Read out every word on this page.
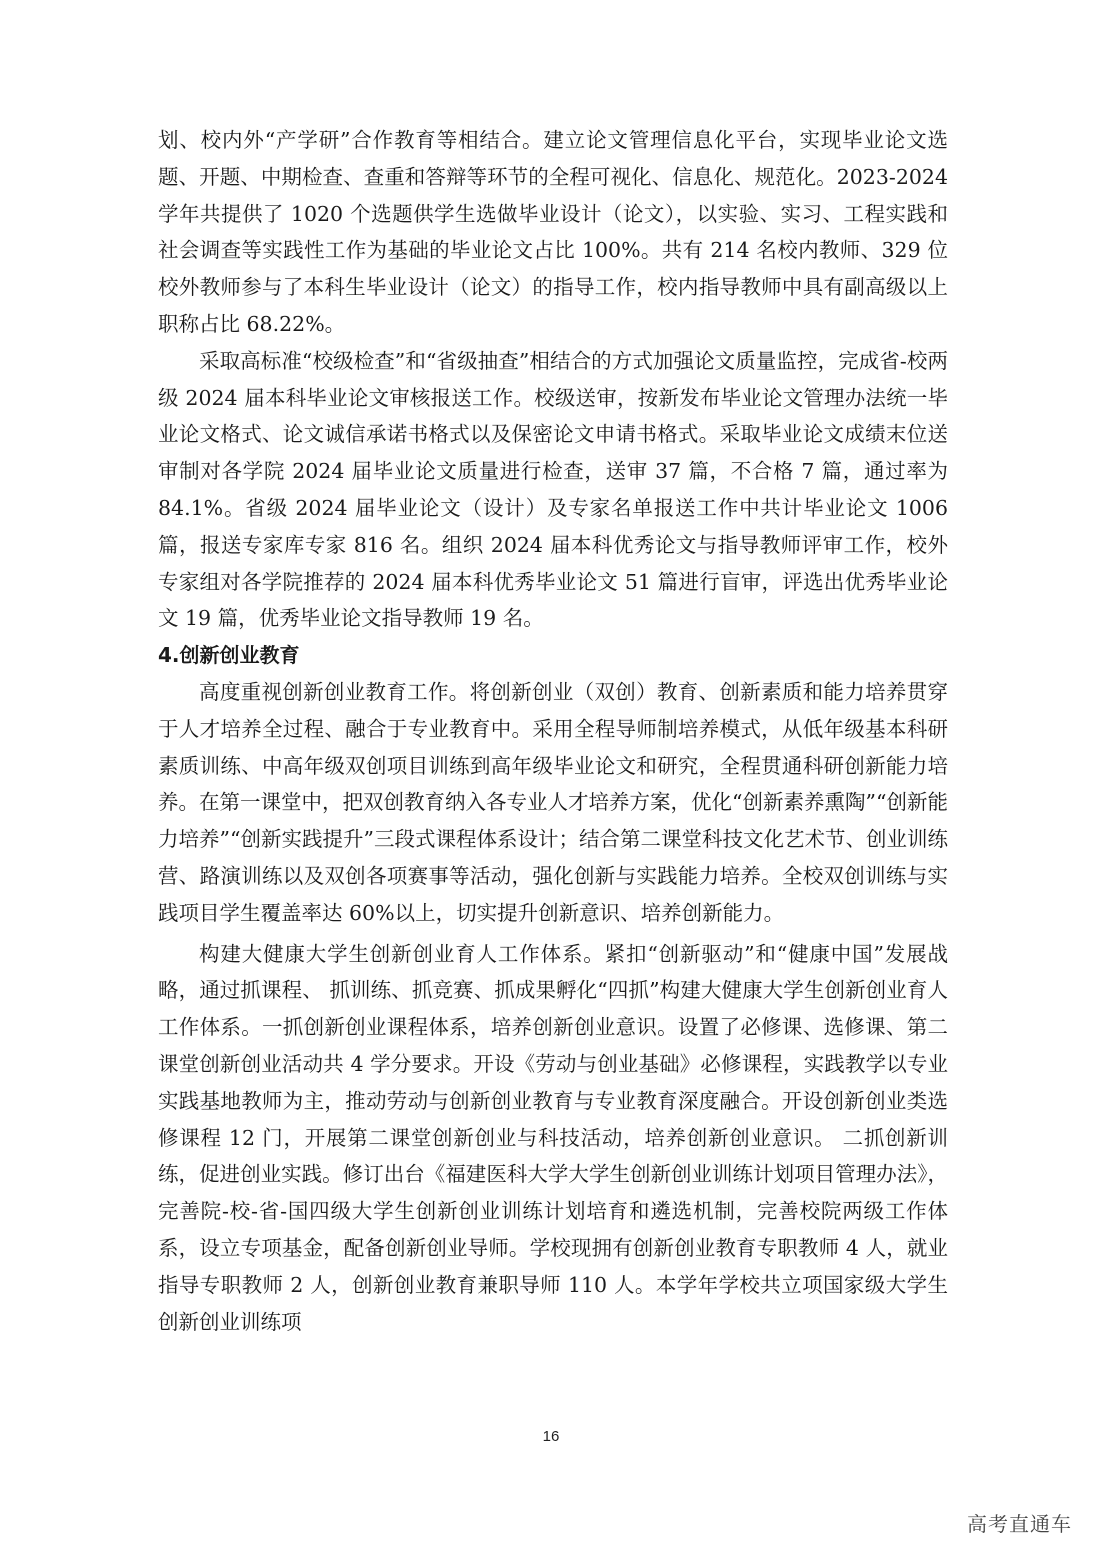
划、校内外“产学研”合作教育等相结合。建立论文管理信息化平台，实现毕业论文选题、开题、中期检查、查重和答辩等环节的全程可视化、信息化、规范化。2023-2024 学年共提供了 1020 个选题供学生选做毕业设计（论文），以实验、实习、工程实践和社会调查等实践性工作为基础的毕业论文占比 100%。共有 214 名校内教师、329 位校外教师参与了本科生毕业设计（论文）的指导工作，校内指导教师中具有副高级以上职称占比 68.22%。

采取高标准“校级检查”和“省级抽查”相结合的方式加强论文质量监控，完成省-校两级 2024 届本科毕业论文审核报送工作。校级送审，按新发布毕业论文管理办法统一毕业论文格式、论文诚信承诺书格式以及保密论文申请书格式。采取毕业论文成绩末位送审制对各学院 2024 届毕业论文质量进行检查，送审 37 篇，不合格 7 篇，通过率为 84.1%。省级 2024 届毕业论文（设计）及专家名单报送工作中共计毕业论文 1006 篇，报送专家库专家 816 名。组织 2024 届本科优秀论文与指导教师评审工作，校外专家组对各学院推荐的 2024 届本科优秀毕业论文 51 篇进行盲审，评选出优秀毕业论文 19 篇，优秀毕业论文指导教师 19 名。

4.创新创业教育

高度重视创新创业教育工作。将创新创业（双创）教育、创新素质和能力培养贯穿于人才培养全过程、融合于专业教育中。采用全程导师制培养模式，从低年级基本科研素质训练、中高年级双创项目训练到高年级毕业论文和研究，全程贯通科研创新能力培养。在第一课堂中，把双创教育纳入各专业人才培养方案，优化“创新素养熏陶”“创新能力培养”“创新实践提升”三段式课程体系设计；结合第二课堂科技文化艺术节、创业训练营、路演训练以及双创各项赛事等活动，强化创新与实践能力培养。全校双创训练与实践项目学生覆盖率达 60%以上，切实提升创新意识、培养创新能力。

构建大健康大学生创新创业育人工作体系。紧扣“创新驱动”和“健康中国”发展战略，通过抓课程、 抓训练、抓竞赛、抓成果孵化“四抓”构建大健康大学生创新创业育人工作体系。一抓创新创业课程体系，培养创新创业意识。设置了必修课、选修课、第二课堂创新创业活动共 4 学分要求。开设《劳动与创业基础》必修课程，实践教学以专业实践基地教师为主，推动劳动与创新创业教育与专业教育深度融合。开设创新创业类选修课程 12 门，开展第二课堂创新创业与科技活动，培养创新创业意识。 二抓创新训练，促进创业实践。修订出台《福建医科大学大学生创新创业训练计划项目管理办法》，完善院-校-省-国四级大学生创新创业训练计划培育和遴选机制，完善校院两级工作体系，设立专项基金，配备创新创业导师。学校现拥有创新创业教育专职教师 4 人，就业指导专职教师 2 人，创新创业教育兼职导师 110 人。本学年学校共立项国家级大学生创新创业训练项

16
高考直通车
